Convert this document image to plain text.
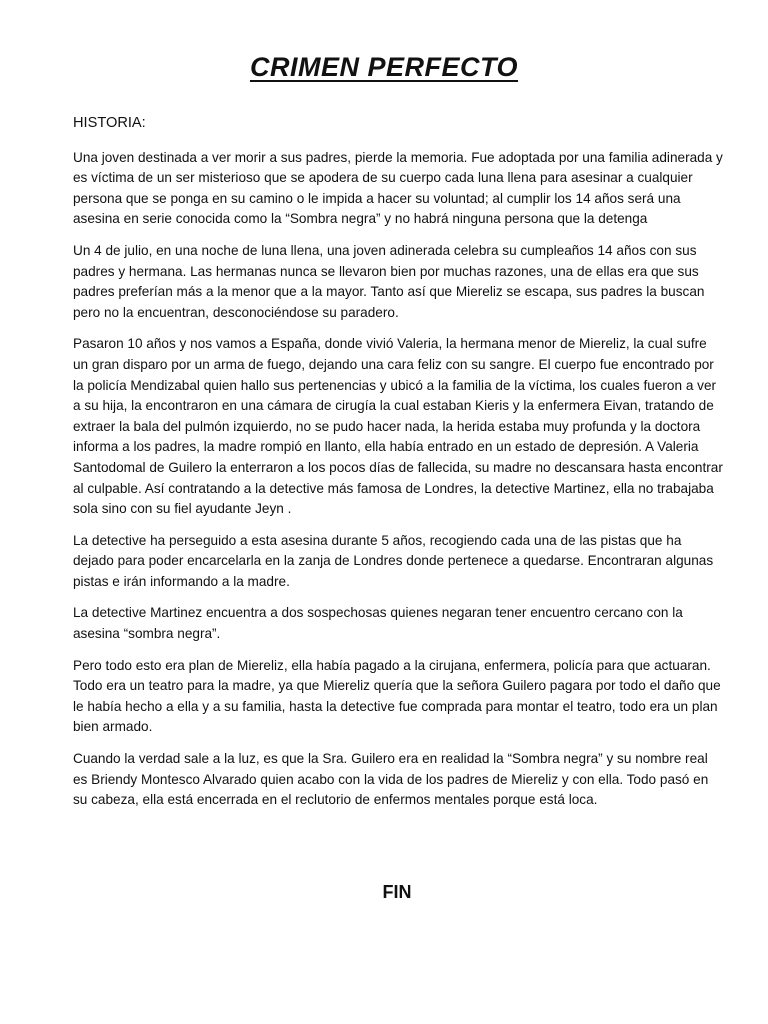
CRIMEN PERFECTO

HISTORIA:

Una joven destinada a ver morir a sus padres, pierde la memoria. Fue adoptada por una familia adinerada y es víctima de un ser misterioso que se apodera de su cuerpo cada luna llena para asesinar a cualquier persona que se ponga en su camino o le impida a hacer su voluntad; al cumplir los 14 años será una asesina en serie conocida como la “Sombra negra” y no habrá ninguna persona que la detenga

Un 4 de julio, en una noche de luna llena, una joven adinerada celebra su cumpleaños 14 años con sus padres y hermana. Las hermanas nunca se llevaron bien por muchas razones, una de ellas era que sus padres preferían más a la menor que a la mayor. Tanto así que Miereliz se escapa, sus padres la buscan pero no la encuentran, desconociéndose su paradero.

Pasaron 10 años y nos vamos a España, donde vivió Valeria, la hermana menor de Miereliz, la cual sufre un gran disparo por un arma de fuego, dejando una cara feliz con su sangre. El cuerpo fue encontrado por la policía Mendizabal quien hallo sus pertenencias y ubicó a la familia de la víctima, los cuales fueron a ver a su hija, la encontraron en una cámara de cirugía la cual estaban Kieris y la enfermera Eivan, tratando de extraer la bala del pulmón izquierdo, no se pudo hacer nada, la herida estaba muy profunda y la doctora informa a los padres, la madre rompió en llanto, ella había entrado en un estado de depresión. A Valeria Santodomal de Guilero la enterraron a los pocos días de fallecida, su madre no descansara hasta encontrar al culpable. Así contratando a la detective más famosa de Londres, la detective Martinez, ella no trabajaba sola sino con su fiel ayudante Jeyn .

La detective ha perseguido a esta asesina durante 5 años, recogiendo cada una de las pistas que ha dejado para poder encarcelarla en la zanja de Londres donde pertenece a quedarse. Encontraran algunas pistas e irán informando a la madre.

La detective Martinez encuentra a dos sospechosas quienes negaran tener encuentro cercano con la asesina “sombra negra”.

Pero todo esto era plan de Miereliz, ella había pagado a la cirujana, enfermera, policía para que actuaran. Todo era un teatro para la madre, ya que Miereliz quería que la señora Guilero pagara por todo el daño que le había hecho a ella y a su familia, hasta la detective fue comprada para montar el teatro, todo era un plan bien armado.

Cuando la verdad sale a la luz, es que la Sra. Guilero era en realidad la “Sombra negra” y su nombre real es Briendy Montesco Alvarado quien acabo con la vida de los padres de Miereliz y con ella. Todo pasó en su cabeza, ella está encerrada en el reclutorio de enfermos mentales porque está loca.

FIN
